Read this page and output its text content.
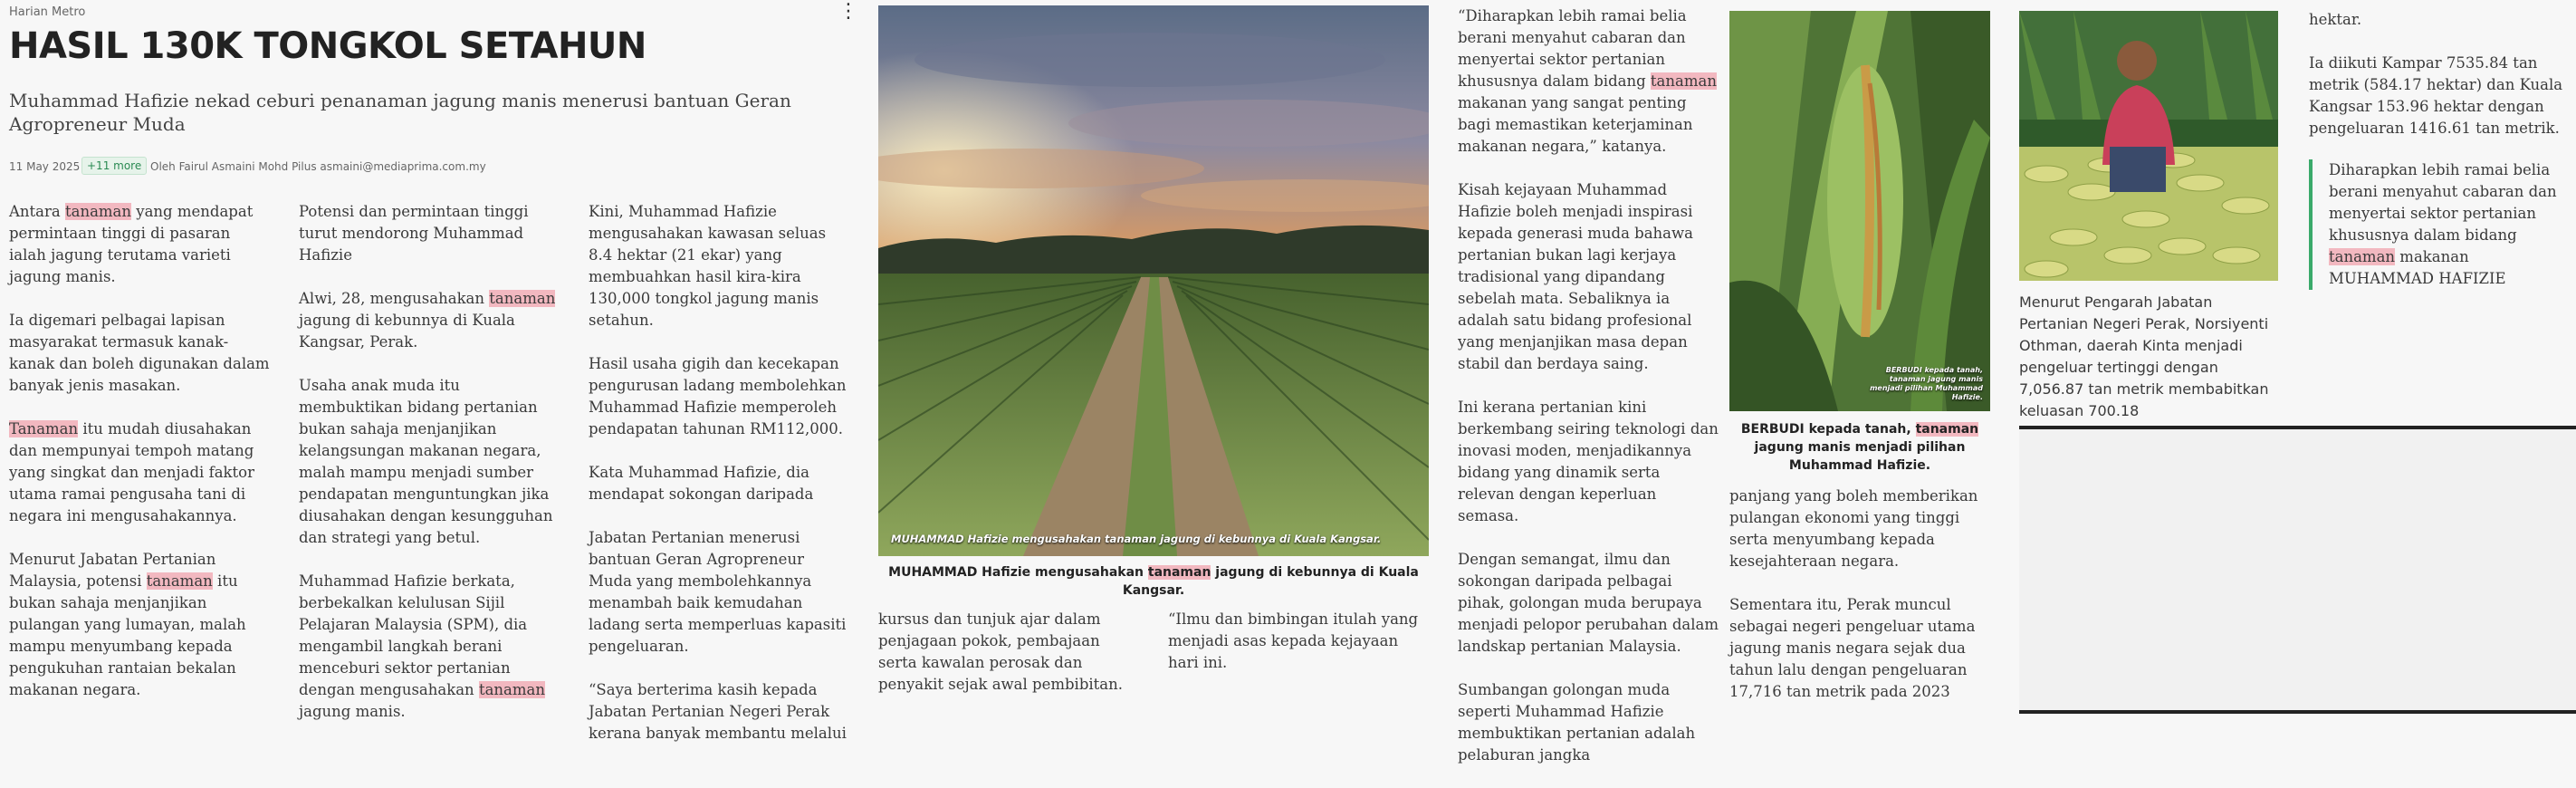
Harian Metro	⋮
HASIL 130K TONGKOL SETAHUN
Muhammad Hafizie nekad ceburi penanaman jagung manis menerusi bantuan Geran Agropreneur Muda
11 May 2025 +11 more Oleh Fairul Asmaini Mohd Pilus asmaini@mediaprima.com.my

Antara tanaman yang mendapat permintaan tinggi di pasaran ialah jagung terutama varieti jagung manis.

Ia digemari pelbagai lapisan masyarakat termasuk kanak-kanak dan boleh digunakan dalam banyak jenis masakan.

Tanaman itu mudah diusahakan dan mempunyai tempoh matang yang singkat dan menjadi faktor utama ramai pengusaha tani di negara ini mengusahakannya.

Menurut Jabatan Pertanian Malaysia, potensi tanaman itu bukan sahaja menjanjikan pulangan yang lumayan, malah mampu menyumbang kepada pengukuhan rantaian bekalan makanan negara.

Potensi dan permintaan tinggi turut mendorong Muhammad Hafizie

Alwi, 28, mengusahakan tanaman jagung di kebunnya di Kuala Kangsar, Perak.

Usaha anak muda itu membuktikan bidang pertanian bukan sahaja menjanjikan kelangsungan makanan negara, malah mampu menjadi sumber pendapatan menguntungkan jika diusahakan dengan kesungguhan dan strategi yang betul.

Muhammad Hafizie berkata, berbekalkan kelulusan Sijil Pelajaran Malaysia (SPM), dia mengambil langkah berani menceburi sektor pertanian dengan mengusahakan tanaman jagung manis.

Kini, Muhammad Hafizie mengusahakan kawasan seluas 8.4 hektar (21 ekar) yang membuahkan hasil kira-kira 130,000 tongkol jagung manis setahun.

Hasil usaha gigih dan kecekapan pengurusan ladang membolehkan Muhammad Hafizie memperoleh pendapatan tahunan RM112,000.

Kata Muhammad Hafizie, dia mendapat sokongan daripada

Jabatan Pertanian menerusi bantuan Geran Agropreneur Muda yang membolehkannya menambah baik kemudahan ladang serta memperluas kapasiti pengeluaran.

“Saya berterima kasih kepada Jabatan Pertanian Negeri Perak kerana banyak membantu melalui

MUHAMMAD Hafizie mengusahakan tanaman jagung di kebunnya di Kuala Kangsar.
MUHAMMAD Hafizie mengusahakan tanaman jagung di kebunnya di Kuala Kangsar.

kursus dan tunjuk ajar dalam penjagaan pokok, pembajaan serta kawalan perosak dan penyakit sejak awal pembibitan.

“Ilmu dan bimbingan itulah yang menjadi asas kepada kejayaan hari ini.

“Diharapkan lebih ramai belia berani menyahut cabaran dan menyertai sektor pertanian khususnya dalam bidang tanaman makanan yang sangat penting bagi memastikan keterjaminan makanan negara,” katanya.

Kisah kejayaan Muhammad Hafizie boleh menjadi inspirasi kepada generasi muda bahawa pertanian bukan lagi kerjaya tradisional yang dipandang sebelah mata. Sebaliknya ia adalah satu bidang profesional yang menjanjikan masa depan stabil dan berdaya saing.

Ini kerana pertanian kini berkembang seiring teknologi dan inovasi moden, menjadikannya bidang yang dinamik serta relevan dengan keperluan semasa.

Dengan semangat, ilmu dan sokongan daripada pelbagai pihak, golongan muda berupaya menjadi pelopor perubahan dalam landskap pertanian Malaysia.

Sumbangan golongan muda seperti Muhammad Hafizie membuktikan pertanian adalah pelaburan jangka

BERBUDI kepada tanah, tanaman jagung manis menjadi pilihan Muhammad Hafizie.
BERBUDI kepada tanah, tanaman jagung manis menjadi pilihan Muhammad Hafizie.

panjang yang boleh memberikan pulangan ekonomi yang tinggi serta menyumbang kepada kesejahteraan negara.

Sementara itu, Perak muncul sebagai negeri pengeluar utama jagung manis negara sejak dua tahun lalu dengan pengeluaran 17,716 tan metrik pada 2023

Menurut Pengarah Jabatan Pertanian Negeri Perak, Norsiyenti Othman, daerah Kinta menjadi pengeluar tertinggi dengan 7,056.87 tan metrik membabitkan keluasan 700.18

hektar.

Ia diikuti Kampar 7535.84 tan metrik (584.17 hektar) dan Kuala Kangsar 153.96 hektar dengan pengeluaran 1416.61 tan metrik.

Diharapkan lebih ramai belia berani menyahut cabaran dan menyertai sektor pertanian khususnya dalam bidang tanaman makanan MUHAMMAD HAFIZIE
